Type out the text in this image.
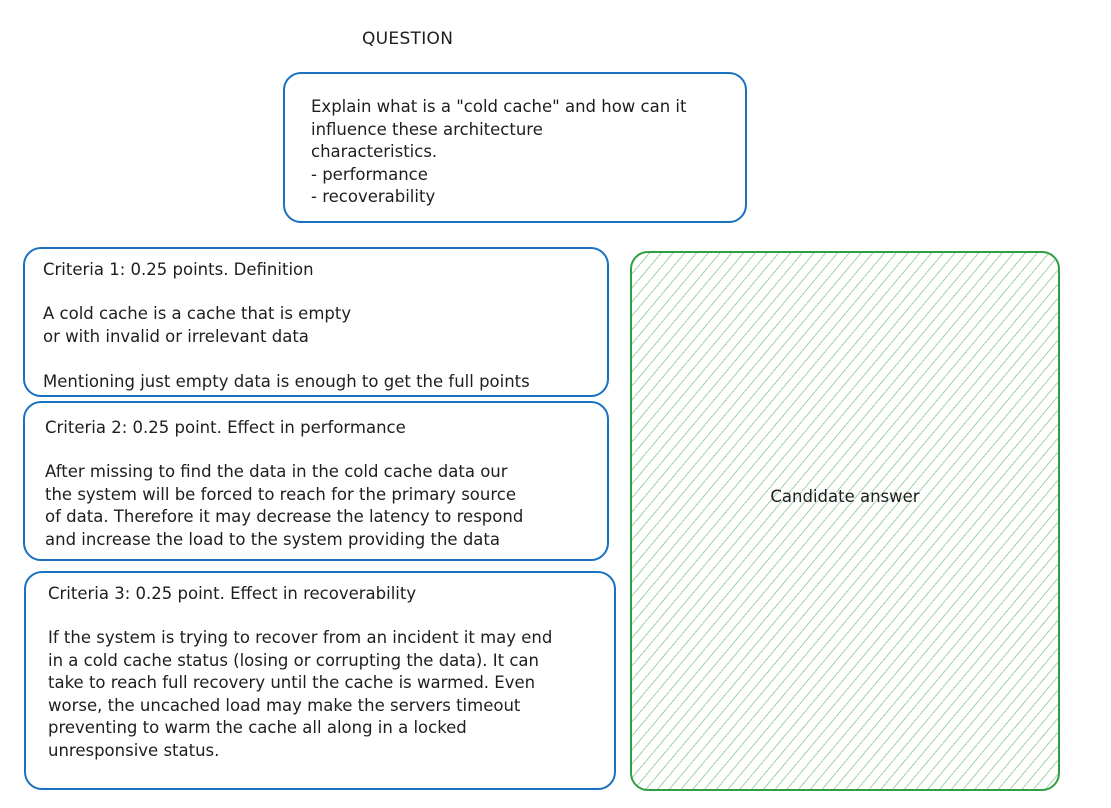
QUESTION
Explain what is a "cold cache" and how can it
influence these architecture
characteristics.
- performance
- recoverability
Criteria 1: 0.25 points. Definition
A cold cache is a cache that is empty
or with invalid or irrelevant data

Mentioning just empty data is enough to get the full points
Criteria 2: 0.25 point. Effect in performance
After missing to find the data in the cold cache data our
the system will be forced to reach for the primary source
of data. Therefore it may decrease the latency to respond
and increase the load to the system providing the data
Criteria 3: 0.25 point. Effect in recoverability
If the system is trying to recover from an incident it may end
in a cold cache status (losing or corrupting the data). It can
take to reach full recovery until the cache is warmed. Even
worse, the uncached load may make the servers timeout
preventing to warm the cache all along in a locked
unresponsive status.
Candidate answer
